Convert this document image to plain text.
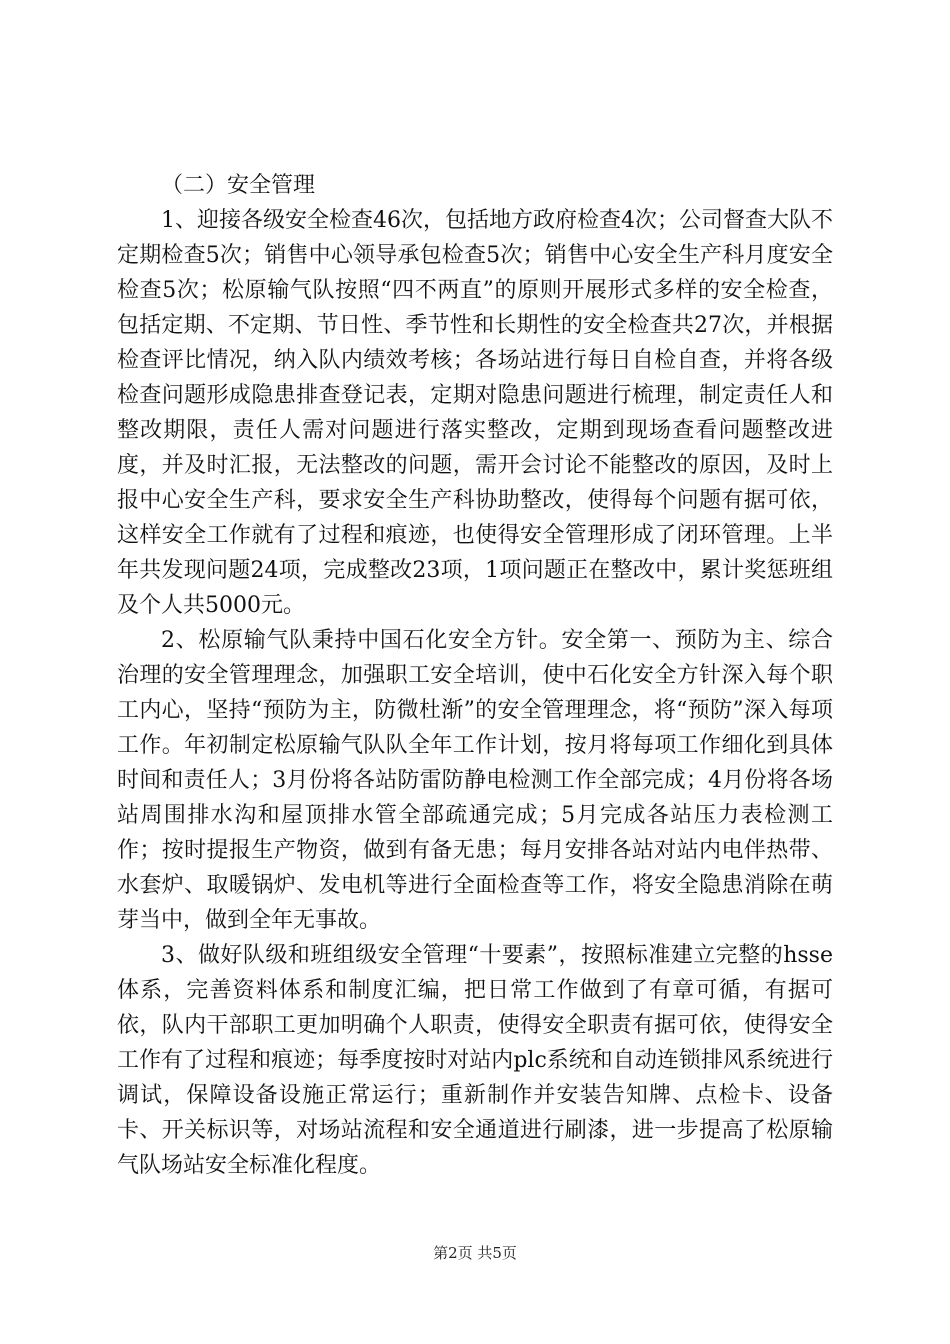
（二）安全管理

1、迎接各级安全检查46次，包括地方政府检查4次；公司督查大队不定期检查5次；销售中心领导承包检查5次；销售中心安全生产科月度安全检查5次；松原输气队按照“四不两直”的原则开展形式多样的安全检查，包括定期、不定期、节日性、季节性和长期性的安全检查共27次，并根据检查评比情况，纳入队内绩效考核；各场站进行每日自检自查，并将各级检查问题形成隐患排查登记表，定期对隐患问题进行梳理，制定责任人和整改期限，责任人需对问题进行落实整改，定期到现场查看问题整改进度，并及时汇报，无法整改的问题，需开会讨论不能整改的原因，及时上报中心安全生产科，要求安全生产科协助整改，使得每个问题有据可依，这样安全工作就有了过程和痕迹，也使得安全管理形成了闭环管理。上半年共发现问题24项，完成整改23项，1项问题正在整改中，累计奖惩班组及个人共5000元。

2、松原输气队秉持中国石化安全方针。安全第一、预防为主、综合治理的安全管理理念，加强职工安全培训，使中石化安全方针深入每个职工内心，坚持“预防为主，防微杜渐”的安全管理理念，将“预防”深入每项工作。年初制定松原输气队队全年工作计划，按月将每项工作细化到具体时间和责任人；3月份将各站防雷防静电检测工作全部完成；4月份将各场站周围排水沟和屋顶排水管全部疏通完成；5月完成各站压力表检测工作；按时提报生产物资，做到有备无患；每月安排各站对站内电伴热带、水套炉、取暖锅炉、发电机等进行全面检查等工作，将安全隐患消除在萌芽当中，做到全年无事故。

3、做好队级和班组级安全管理“十要素”，按照标准建立完整的hsse体系，完善资料体系和制度汇编，把日常工作做到了有章可循，有据可依，队内干部职工更加明确个人职责，使得安全职责有据可依，使得安全工作有了过程和痕迹；每季度按时对站内plc系统和自动连锁排风系统进行调试，保障设备设施正常运行；重新制作并安装告知牌、点检卡、设备卡、开关标识等，对场站流程和安全通道进行刷漆，进一步提高了松原输气队场站安全标准化程度。

第2页 共5页
